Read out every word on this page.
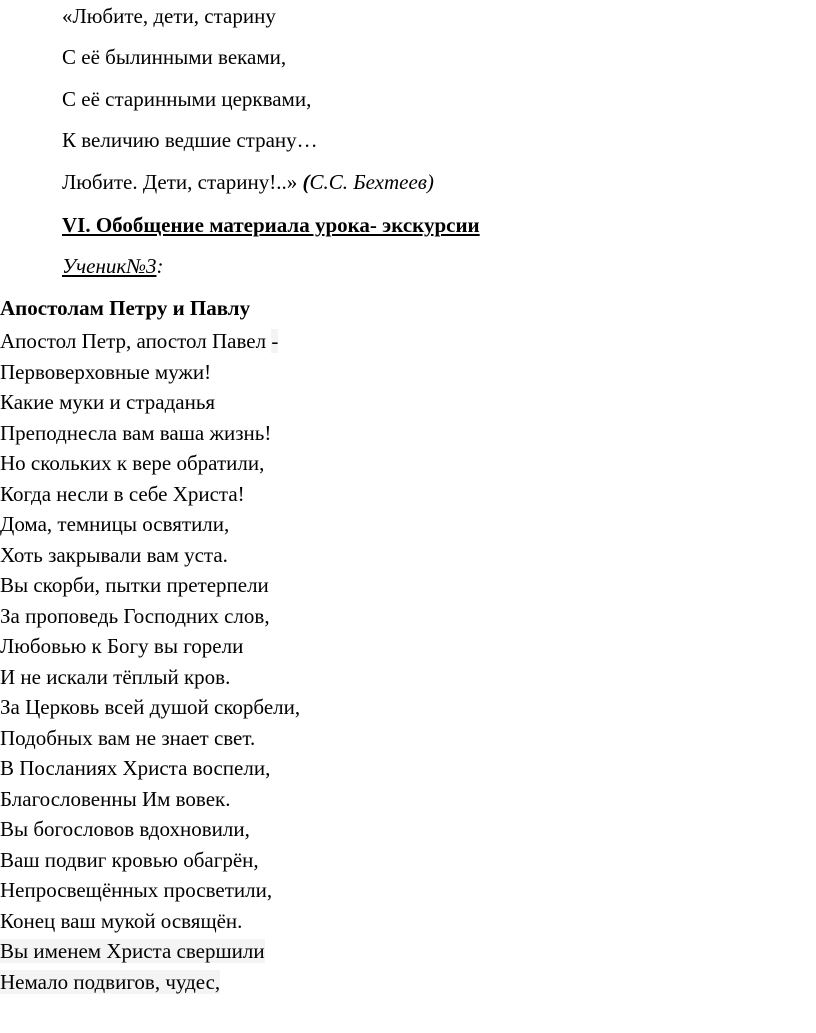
«Любите, дети, старину

С её былинными веками,

С её старинными церквами,

К величию ведшие страну…

Любите. Дети, старину!..» (С.С. Бехтеев)

VI. Обобщение материала урока- экскурсии

Ученик№3:

Апостолам Петру и Павлу

Апостол Петр, апостол Павел -

Первоверховные мужи!

Какие муки и страданья

Преподнесла вам ваша жизнь!

Но скольких к вере обратили,

Когда несли в себе Христа!

Дома, темницы освятили,

Хоть закрывали вам уста.

Вы скорби, пытки претерпели

За проповедь Господних слов,

Любовью к Богу вы горели

И не искали тёплый кров.

За Церковь всей душой скорбели,

Подобных вам не знает свет.

В Посланиях Христа воспели,

Благословенны Им вовек.

Вы богословов вдохновили,

Ваш подвиг кровью обагрён,

Непросвещённых просветили,

Конец ваш мукой освящён.

Вы именем Христа свершили

Немало подвигов, чудес,
